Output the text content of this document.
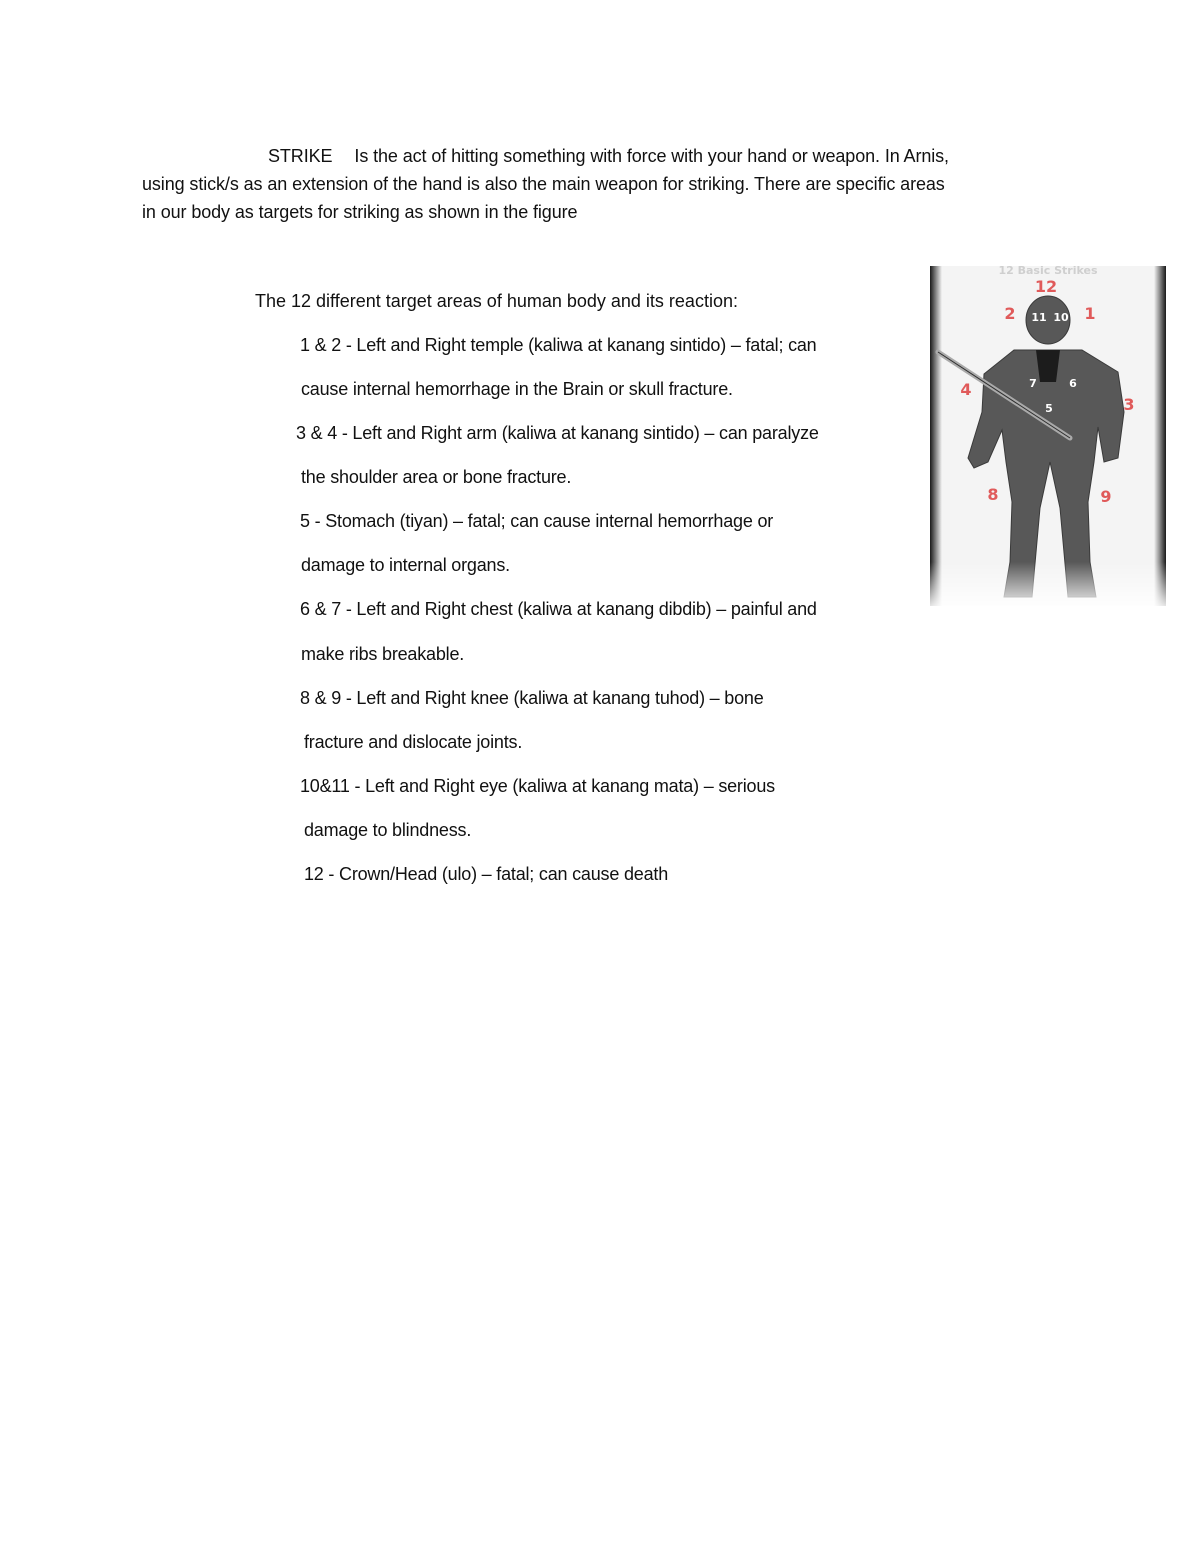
STRIKE Is the act of hitting something with force with your hand or weapon. In Arnis,
using stick/s as an extension of the hand is also the main weapon for striking. There are specific areas
in our body as targets for striking as shown in the figure
The 12 different target areas of human body and its reaction:
1 & 2 - Left and Right temple (kaliwa at kanang sintido) – fatal; can
cause internal hemorrhage in the Brain or skull fracture.
3 & 4 - Left and Right arm (kaliwa at kanang sintido) – can paralyze
the shoulder area or bone fracture.
5 - Stomach (tiyan) – fatal; can cause internal hemorrhage or
damage to internal organs.
6 & 7 - Left and Right chest (kaliwa at kanang dibdib) – painful and
make ribs breakable.
8 & 9 - Left and Right knee (kaliwa at kanang tuhod) – bone
fracture and dislocate joints.
10&11 - Left and Right eye (kaliwa at kanang mata) – serious
damage to blindness.
12 - Crown/Head (ulo) – fatal; can cause death
12 Basic Strikes
12
2 11 10 1
4	7	6
3
5
8	9
